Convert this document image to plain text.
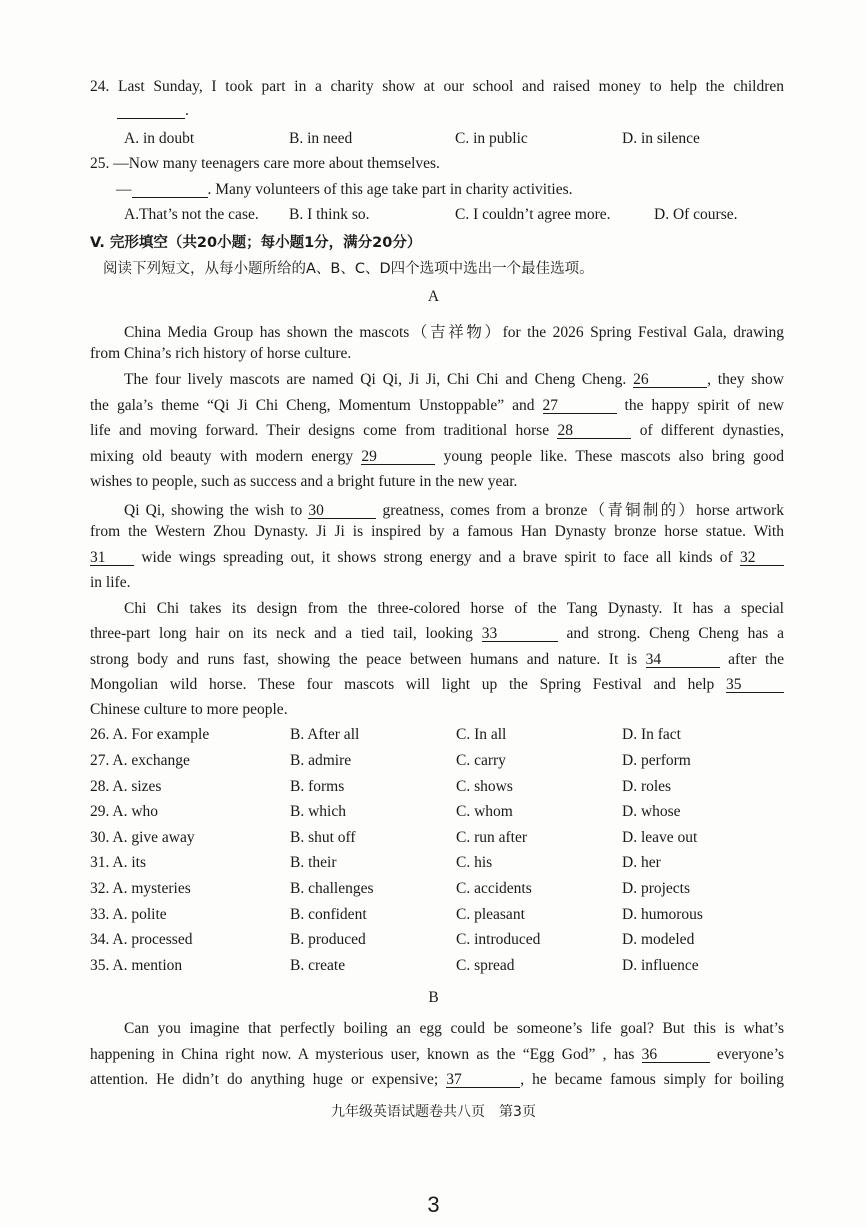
24. Last Sunday, I took part in a charity show at our school and raised money to help the children
.
A. in doubt	B. in need	C. in public	D. in silence
25. —Now many teenagers care more about themselves.
—	. Many volunteers of this age take part in charity activities.
A.That’s not the case. B. I think so.	C. I couldn’t agree more.	D. Of course.
V. 完形填空（共20小题；每小题1分，满分20分）
阅读下列短文，从每小题所给的A、B、C、D四个选项中选出一个最佳选项。
A
China Media Group has shown the mascots（吉祥物）for the 2026 Spring Festival Gala, drawing
from China’s rich history of horse culture.
The four lively mascots are named Qi Qi, Ji Ji, Chi Chi and Cheng Cheng. 26	, they show
the gala’s theme “Qi Ji Chi Cheng, Momentum Unstoppable” and 27	the happy spirit of new
life and moving forward. Their designs come from traditional horse 28	of different dynasties,
mixing old beauty with modern energy 29	young people like. These mascots also bring good
wishes to people, such as success and a bright future in the new year.
Qi Qi, showing the wish to 30	greatness, comes from a bronze（青铜制的）horse artwork
from the Western Zhou Dynasty. Ji Ji is inspired by a famous Han Dynasty bronze horse statue. With
31 wide wings spreading out, it shows strong energy and a brave spirit to face all kinds of 32
in life.
Chi Chi takes its design from the three-colored horse of the Tang Dynasty. It has a special
three-part long hair on its neck and a tied tail, looking 33	and strong. Cheng Cheng has a
strong body and runs fast, showing the peace between humans and nature. It is 34	after the
Mongolian wild horse. These four mascots will light up the Spring Festival and help 35
Chinese culture to more people.
26. A. For example	B. After all	C. In all	D. In fact
27. A. exchange	B. admire	C. carry	D. perform
28. A. sizes	B. forms	C. shows	D. roles
29. A. who	B. which	C. whom	D. whose
30. A. give away	B. shut off	C. run after	D. leave out
31. A. its	B. their	C. his	D. her
32. A. mysteries	B. challenges	C. accidents	D. projects
33. A. polite	B. confident	C. pleasant	D. humorous
34. A. processed	B. produced	C. introduced	D. modeled
35. A. mention	B. create	C. spread	D. influence
B
Can you imagine that perfectly boiling an egg could be someone’s life goal? But this is what’s
happening in China right now. A mysterious user, known as the “Egg God” , has 36	everyone’s
attention. He didn’t do anything huge or expensive; 37	, he became famous simply for boiling
九年级英语试题卷共八页　第3页
3
